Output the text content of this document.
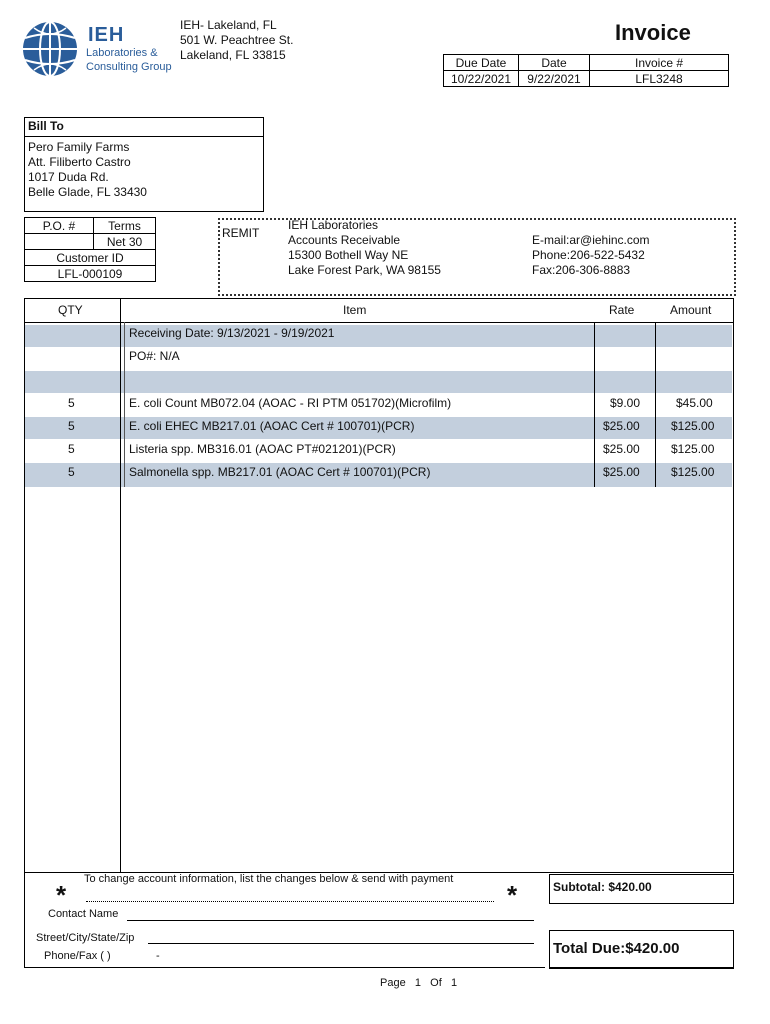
IEH
Laboratories &
Consulting Group
IEH- Lakeland, FL
501 W. Peachtree St.
Lakeland, FL 33815
Invoice
Due Date	Date	Invoice #
10/22/2021	9/22/2021	LFL3248
Bill To
Pero Family Farms
Att. Filiberto Castro
1017 Duda Rd.
Belle Glade, FL 33430
P.O. #	Terms
	Net 30
Customer ID	
LFL-000109	
REMIT
IEH Laboratories
Accounts Receivable
15300 Bothell Way NE
Lake Forest Park, WA 98155
E-mail:ar@iehinc.com
Phone:206-522-5432
Fax:206-306-8883
QTY	Item	Rate	Amount
Receiving Date: 9/13/2021 - 9/19/2021
PO#: N/A
5	E. coli Count MB072.04 (AOAC - RI PTM 051702)(Microfilm)	$9.00	$45.00
5	E. coli EHEC MB217.01 (AOAC Cert # 100701)(PCR)	$25.00	$125.00
5	Listeria spp. MB316.01 (AOAC PT#021201)(PCR)	$25.00	$125.00
5	Salmonella spp. MB217.01 (AOAC Cert # 100701)(PCR)	$25.00	$125.00
To change account information, list the changes below & send with payment
*	*
Contact Name
Street/City/State/Zip
Phone/Fax ( )	-
Subtotal: $420.00
Total Due:$420.00
Page 1 Of 1
